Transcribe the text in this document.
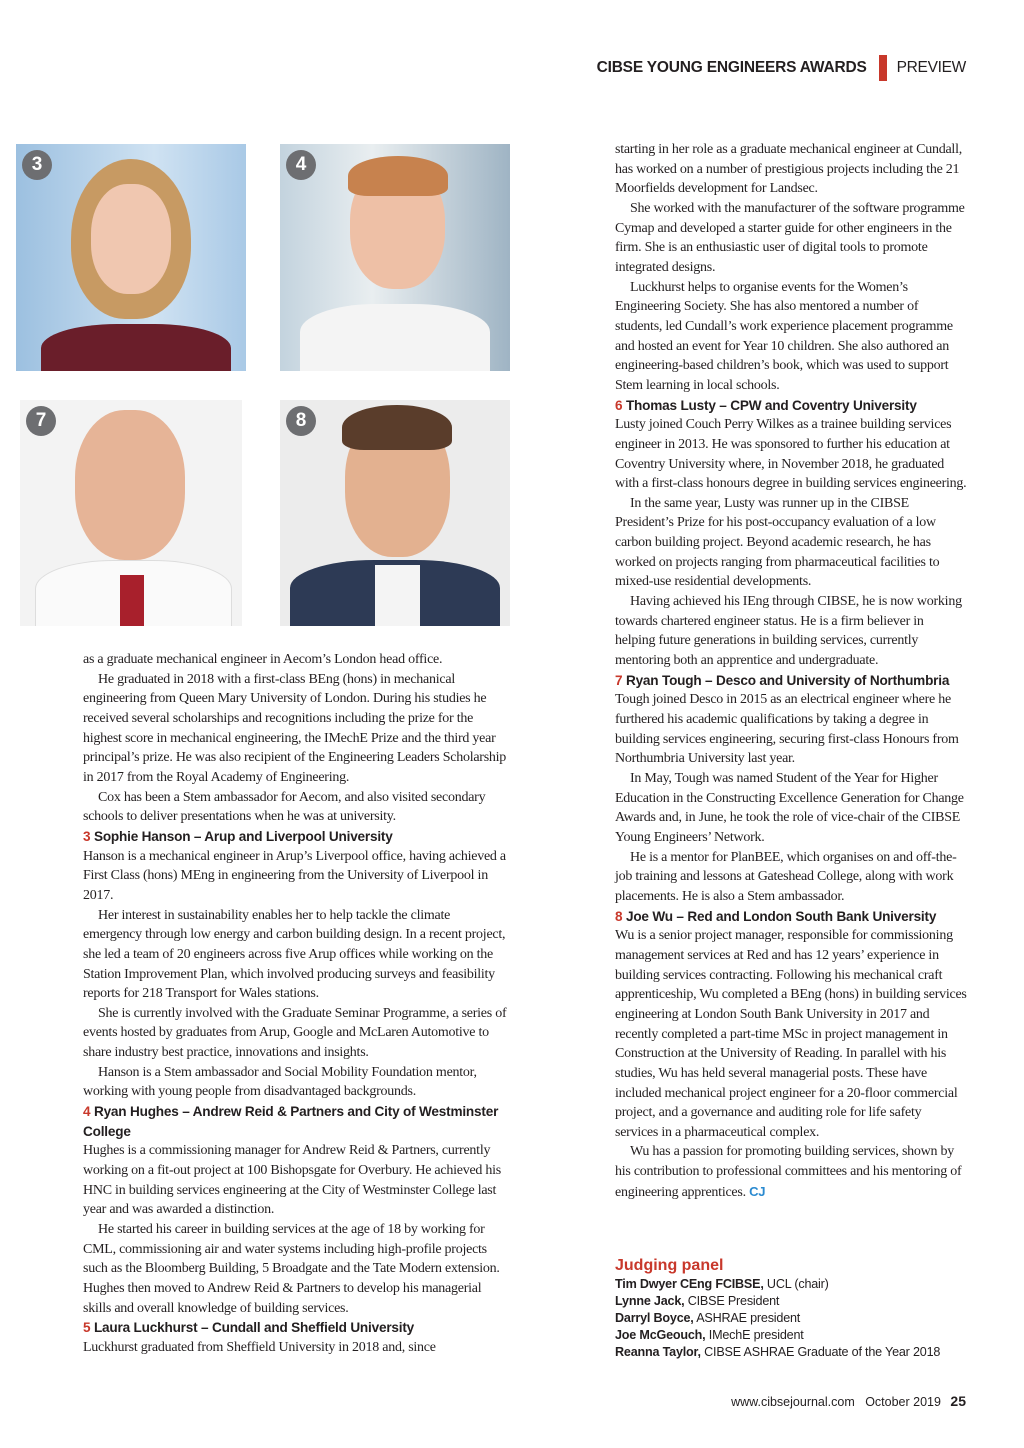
CIBSE YOUNG ENGINEERS AWARDS PREVIEW
3	4
7	8

as a graduate mechanical engineer in Aecom’s London head office.

He graduated in 2018 with a first-class BEng (hons) in mechanical engineering from Queen Mary University of London. During his studies he received several scholarships and recognitions including the prize for the highest score in mechanical engineering, the IMechE Prize and the third year principal’s prize. He was also recipient of the Engineering Leaders Scholarship in 2017 from the Royal Academy of Engineering.

Cox has been a Stem ambassador for Aecom, and also visited secondary schools to deliver presentations when he was at university.

3 Sophie Hanson – Arup and Liverpool University

Hanson is a mechanical engineer in Arup’s Liverpool office, having achieved a First Class (hons) MEng in engineering from the University of Liverpool in 2017.

Her interest in sustainability enables her to help tackle the climate emergency through low energy and carbon building design. In a recent project, she led a team of 20 engineers across five Arup offices while working on the Station Improvement Plan, which involved producing surveys and feasibility reports for 218 Transport for Wales stations.

She is currently involved with the Graduate Seminar Programme, a series of events hosted by graduates from Arup, Google and McLaren Automotive to share industry best practice, innovations and insights.

Hanson is a Stem ambassador and Social Mobility Foundation mentor, working with young people from disadvantaged backgrounds.

4 Ryan Hughes – Andrew Reid & Partners and City of Westminster College

Hughes is a commissioning manager for Andrew Reid & Partners, currently working on a fit-out project at 100 Bishopsgate for Overbury. He achieved his HNC in building services engineering at the City of Westminster College last year and was awarded a distinction.

He started his career in building services at the age of 18 by working for CML, commissioning air and water systems including high-profile projects such as the Bloomberg Building, 5 Broadgate and the Tate Modern extension. Hughes then moved to Andrew Reid & Partners to develop his managerial skills and overall knowledge of building services.

5 Laura Luckhurst – Cundall and Sheffield University

Luckhurst graduated from Sheffield University in 2018 and, since

starting in her role as a graduate mechanical engineer at Cundall, has worked on a number of prestigious projects including the 21 Moorfields development for Landsec.

She worked with the manufacturer of the software programme Cymap and developed a starter guide for other engineers in the firm. She is an enthusiastic user of digital tools to promote integrated designs.

Luckhurst helps to organise events for the Women’s Engineering Society. She has also mentored a number of students, led Cundall’s work experience placement programme and hosted an event for Year 10 children. She also authored an engineering-based children’s book, which was used to support Stem learning in local schools.

6 Thomas Lusty – CPW and Coventry University

Lusty joined Couch Perry Wilkes as a trainee building services engineer in 2013. He was sponsored to further his education at Coventry University where, in November 2018, he graduated with a first-class honours degree in building services engineering.

In the same year, Lusty was runner up in the CIBSE President’s Prize for his post-occupancy evaluation of a low carbon building project. Beyond academic research, he has worked on projects ranging from pharmaceutical facilities to mixed-use residential developments.

Having achieved his IEng through CIBSE, he is now working towards chartered engineer status. He is a firm believer in helping future generations in building services, currently mentoring both an apprentice and undergraduate.

7 Ryan Tough – Desco and University of Northumbria

Tough joined Desco in 2015 as an electrical engineer where he furthered his academic qualifications by taking a degree in building services engineering, securing first-class Honours from Northumbria University last year.

In May, Tough was named Student of the Year for Higher Education in the Constructing Excellence Generation for Change Awards and, in June, he took the role of vice-chair of the CIBSE Young Engineers’ Network.

He is a mentor for PlanBEE, which organises on and off-the-job training and lessons at Gateshead College, along with work placements. He is also a Stem ambassador.

8 Joe Wu – Red and London South Bank University

Wu is a senior project manager, responsible for commissioning management services at Red and has 12 years’ experience in building services contracting. Following his mechanical craft apprenticeship, Wu completed a BEng (hons) in building services engineering at London South Bank University in 2017 and recently completed a part-time MSc in project management in Construction at the University of Reading. In parallel with his studies, Wu has held several managerial posts. These have included mechanical project engineer for a 20-floor commercial project, and a governance and auditing role for life safety services in a pharmaceutical complex.

Wu has a passion for promoting building services, shown by his contribution to professional committees and his mentoring of engineering apprentices. CJ

Judging panel
Tim Dwyer CEng FCIBSE, UCL (chair)
Lynne Jack, CIBSE President
Darryl Boyce, ASHRAE president
Joe McGeouch, IMechE president
Reanna Taylor, CIBSE ASHRAE Graduate of the Year 2018
www.cibsejournal.com October 2019 25
